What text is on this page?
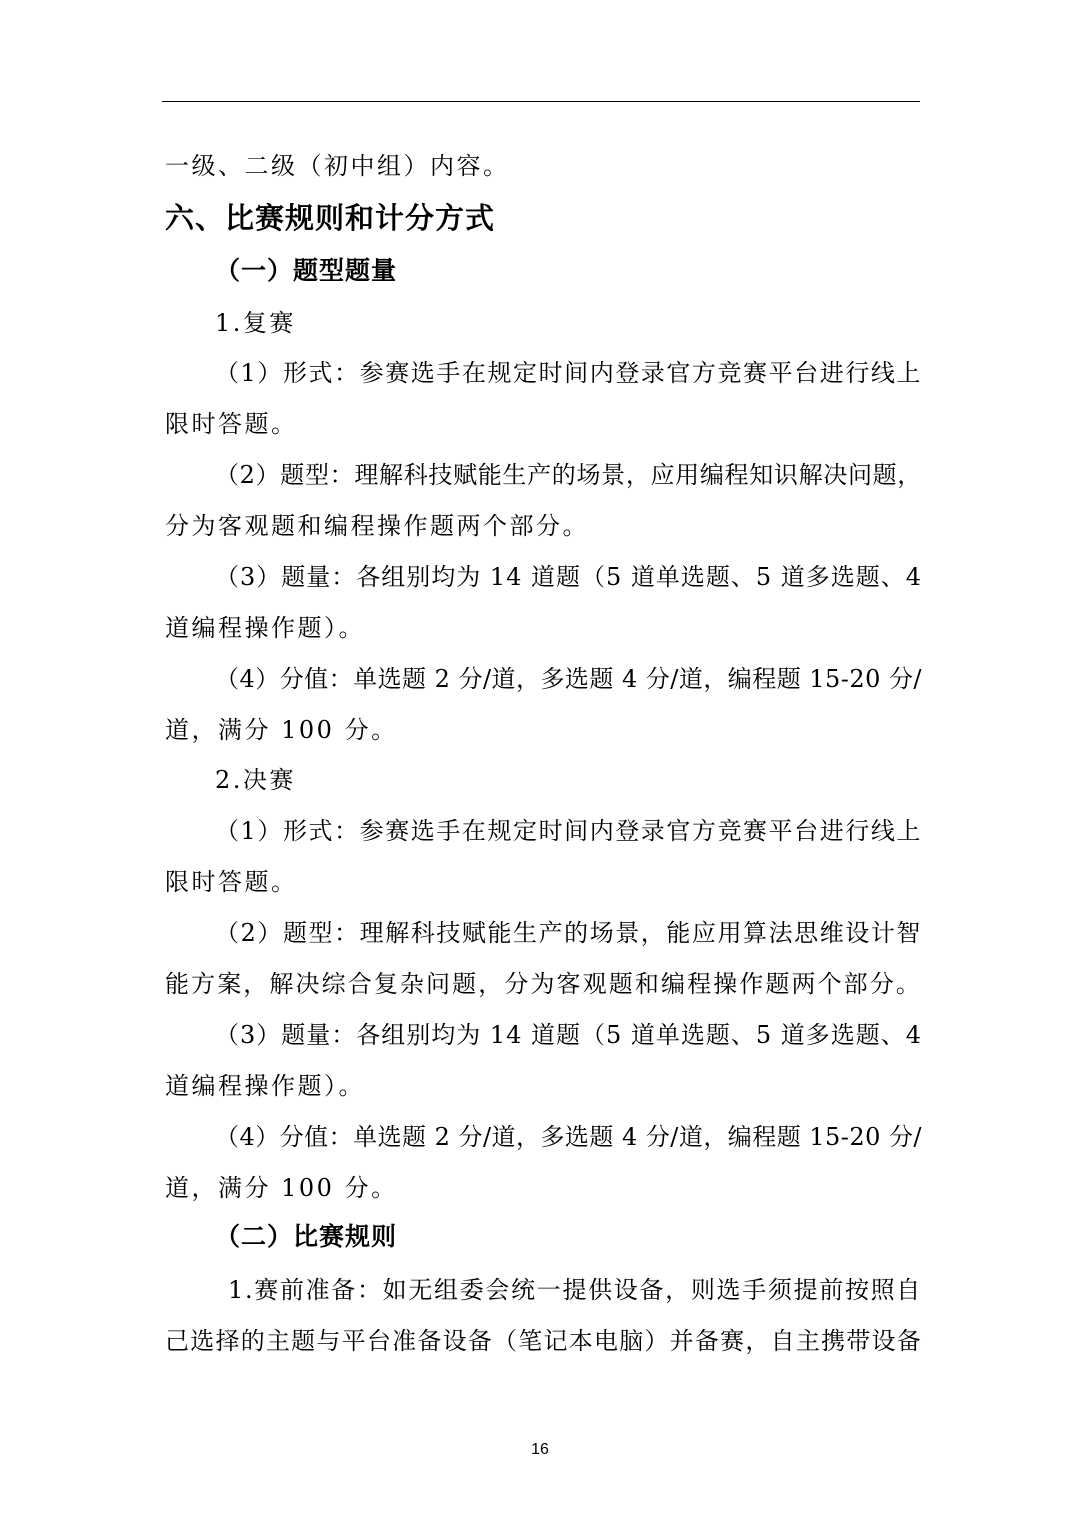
一级、二级（初中组）内容。

六、比赛规则和计分方式

（一）题型题量

1.复赛

（1）形式：参赛选手在规定时间内登录官方竞赛平台进行线上

限时答题。

（2）题型：理解科技赋能生产的场景，应用编程知识解决问题，

分为客观题和编程操作题两个部分。

（3）题量：各组别均为 14 道题（5 道单选题、5 道多选题、4

道编程操作题）。

（4）分值：单选题 2 分/道，多选题 4 分/道，编程题 15-20 分/

道，满分 100 分。

2.决赛

（1）形式：参赛选手在规定时间内登录官方竞赛平台进行线上

限时答题。

（2）题型：理解科技赋能生产的场景，能应用算法思维设计智

能方案，解决综合复杂问题，分为客观题和编程操作题两个部分。

（3）题量：各组别均为 14 道题（5 道单选题、5 道多选题、4

道编程操作题）。

（4）分值：单选题 2 分/道，多选题 4 分/道，编程题 15-20 分/

道，满分 100 分。

（二）比赛规则

1.赛前准备：如无组委会统一提供设备，则选手须提前按照自

己选择的主题与平台准备设备（笔记本电脑）并备赛，自主携带设备

16
